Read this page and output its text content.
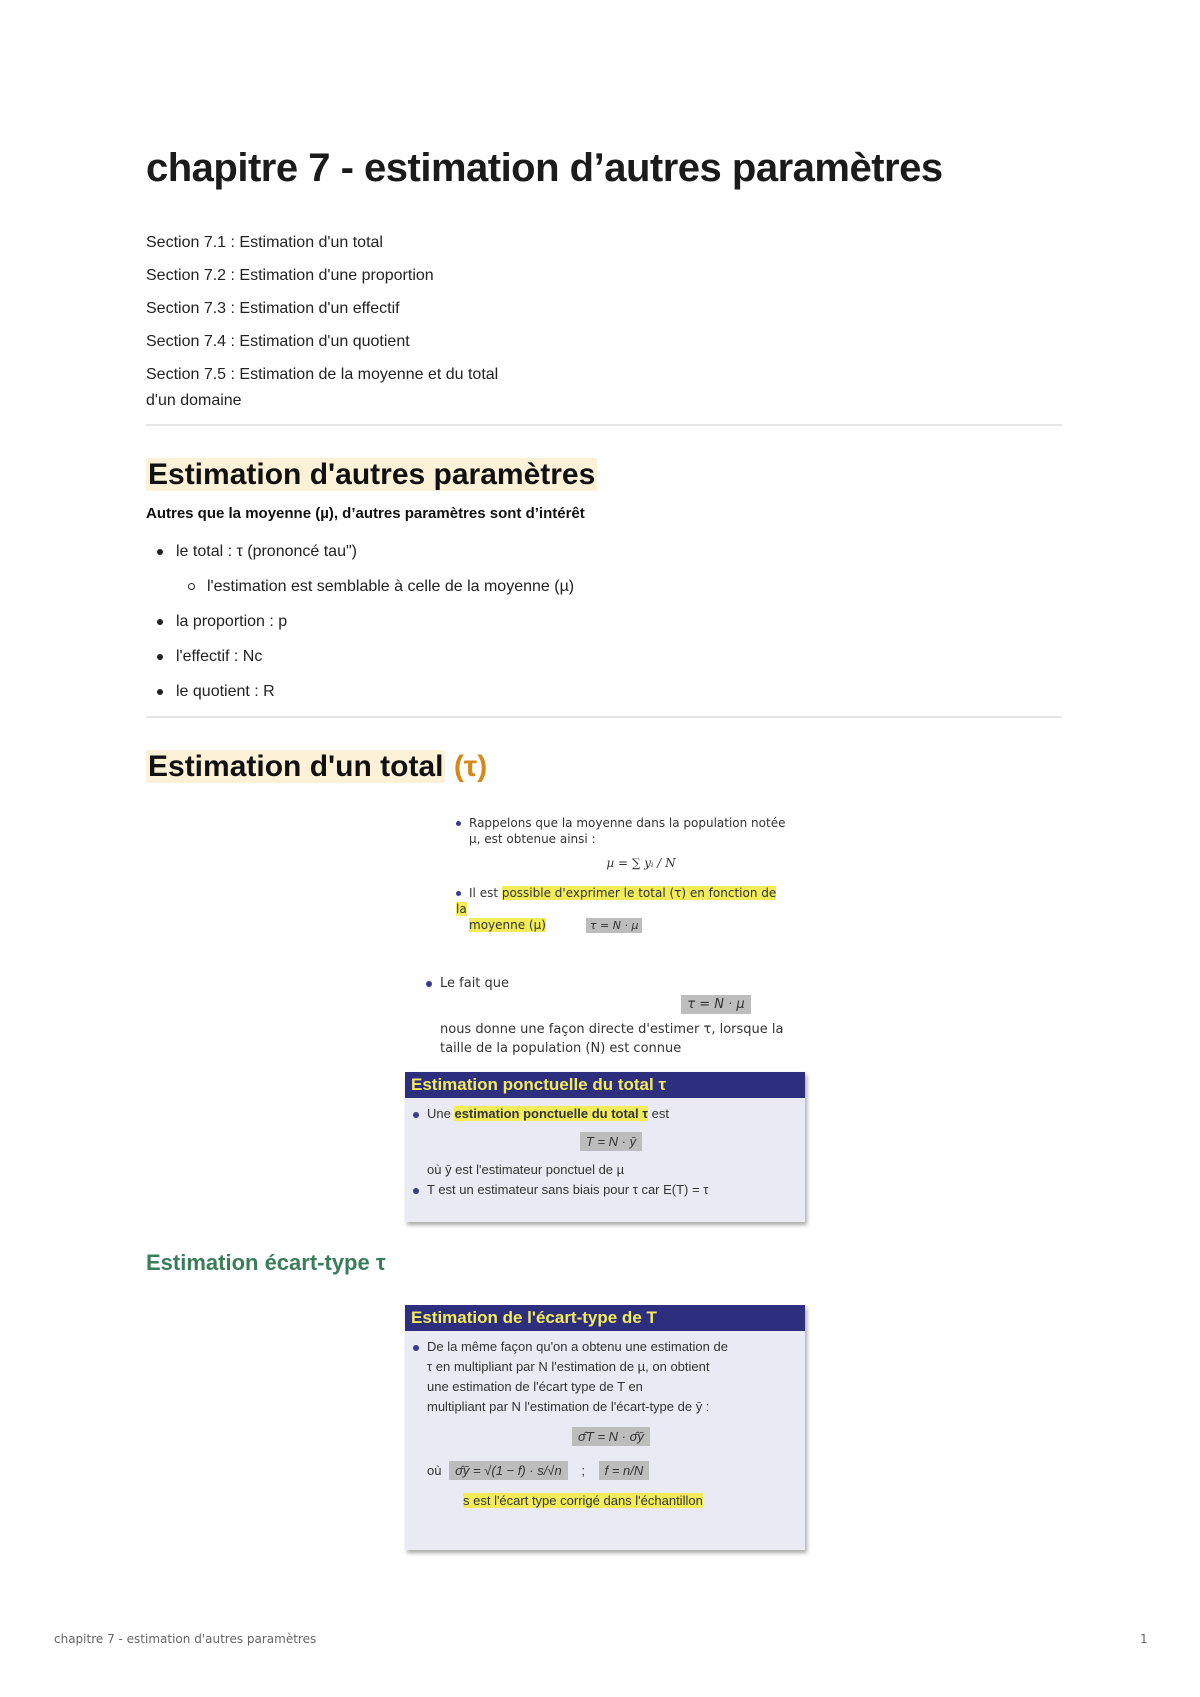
chapitre 7 - estimation d’autres paramètres
Section 7.1 : Estimation d'un total
Section 7.2 : Estimation d'une proportion
Section 7.3 : Estimation d'un effectif
Section 7.4 : Estimation d'un quotient
Section 7.5 : Estimation de la moyenne et du total
d'un domaine
Estimation d'autres paramètres
Autres que la moyenne (µ), d’autres paramètres sont d’intérêt
le total : τ (prononcé tau")
l'estimation est semblable à celle de la moyenne (µ)
la proportion : p
l'effectif : Nc
le quotient : R
Estimation d'un total (τ)
Rappelons que la moyenne dans la population notée
µ, est obtenue ainsi :
µ = ∑ yᵢ / N
Il est possible d'exprimer le total (τ) en fonction de la
moyenne (µ)	τ = N · µ
Le fait que
τ = N · µ
nous donne une façon directe d'estimer τ, lorsque la
taille de la population (N) est connue
Estimation ponctuelle du total τ
Une estimation ponctuelle du total τ est
T = N · ȳ
où ȳ est l'estimateur ponctuel de µ
T est un estimateur sans biais pour τ car E(T) = τ
Estimation écart-type τ
Estimation de l'écart-type de T
De la même façon qu'on a obtenu une estimation de
τ en multipliant par N l'estimation de µ, on obtient
une estimation de l'écart type de T en
multipliant par N l'estimation de l'écart-type de ȳ :
σ̂T = N · σ̂ȳ
où σ̂ȳ = √(1 − f) · s/√n ; f = n/N
s est l'écart type corrigé dans l'échantillon
chapitre 7 - estimation d'autres paramètres	1
